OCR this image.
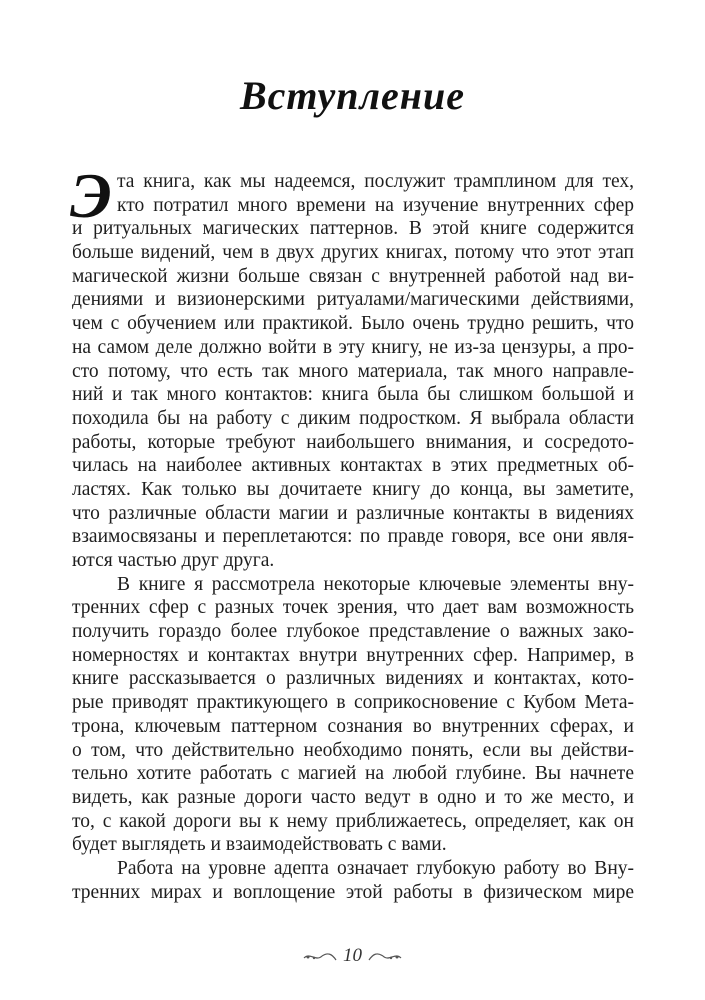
Вступление
Э та книга, как мы надеемся, послужит трамплином для тех,
кто потратил много времени на изучение внутренних сфер
и ритуальных магических паттернов. В этой книге содержится
больше видений, чем в двух других книгах, потому что этот этап
магической жизни больше связан с внутренней работой над ви-
дениями и визионерскими ритуалами/магическими действиями,
чем с обучением или практикой. Было очень трудно решить, что
на самом деле должно войти в эту книгу, не из-за цензуры, а про-
сто потому, что есть так много материала, так много направле-
ний и так много контактов: книга была бы слишком большой и
походила бы на работу с диким подростком. Я выбрала области
работы, которые требуют наибольшего внимания, и сосредото-
чилась на наиболее активных контактах в этих предметных об-
ластях. Как только вы дочитаете книгу до конца, вы заметите,
что различные области магии и различные контакты в видениях
взаимосвязаны и переплетаются: по правде говоря, все они явля-
ются частью друг друга.
В книге я рассмотрела некоторые ключевые элементы вну-
тренних сфер с разных точек зрения, что дает вам возможность
получить гораздо более глубокое представление о важных зако-
номерностях и контактах внутри внутренних сфер. Например, в
книге рассказывается о различных видениях и контактах, кото-
рые приводят практикующего в соприкосновение с Кубом Мета-
трона, ключевым паттерном сознания во внутренних сферах, и
о том, что действительно необходимо понять, если вы действи-
тельно хотите работать с магией на любой глубине. Вы начнете
видеть, как разные дороги часто ведут в одно и то же место, и
то, с какой дороги вы к нему приближаетесь, определяет, как он
будет выглядеть и взаимодействовать с вами.
Работа на уровне адепта означает глубокую работу во Вну-
тренних мирах и воплощение этой работы в физическом мире
10
